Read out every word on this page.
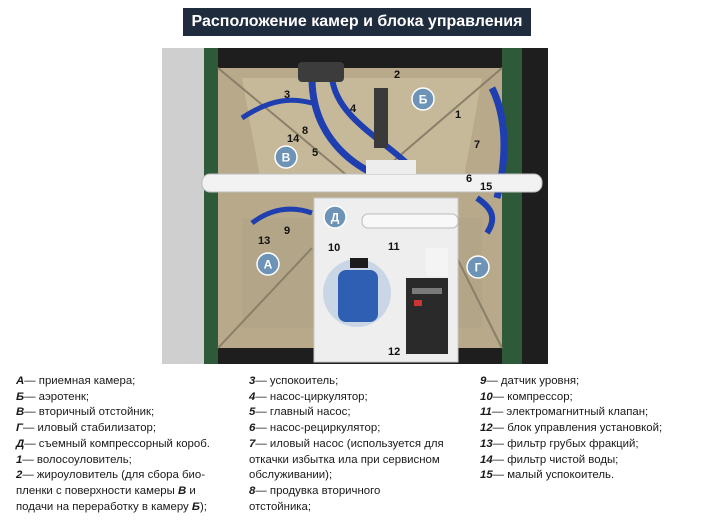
Расположение камер и блока управления
А
Б
В
Г
Д
1
2
3
4
5
6
7
8
9
10	11
12
13
14
15
А— приемная камера;
Б— аэротенк;
В— вторичный отстойник;
Г— иловый стабилизатор;
Д— съемный компрессорный короб.
1— волосоуловитель;
2— жироуловитель (для сбора био-
пленки с поверхности камеры В и
подачи на переработку в камеру Б);
3— успокоитель;
4— насос-циркулятор;
5— главный насос;
6— насос-рециркулятор;
7— иловый насос (используется для
откачки избытка ила при сервисном
обслуживании);
8— продувка вторичного
отстойника;
9— датчик уровня;
10— компрессор;
11— электромагнитный клапан;
12— блок управления установкой;
13— фильтр грубых фракций;
14— фильтр чистой воды;
15— малый успокоитель.
